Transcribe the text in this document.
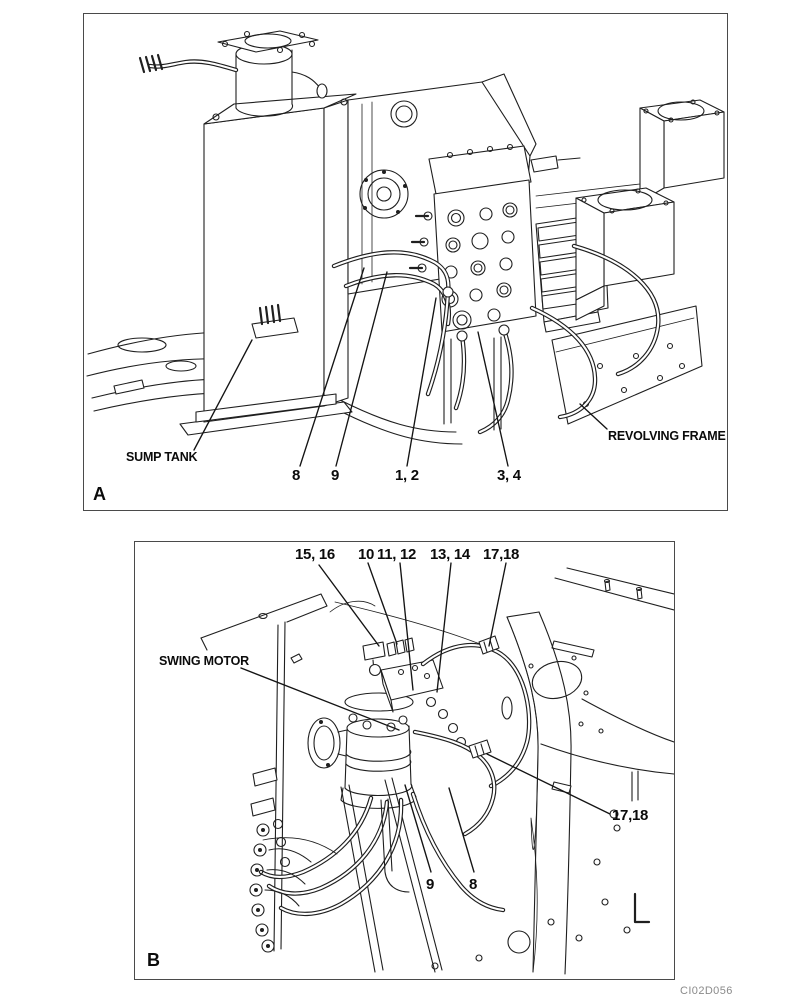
SUMP TANK
REVOLVING FRAME
8 9	1, 2	3, 4
A
15, 16 10 11, 12 13, 14 17,18
SWING MOTOR
17,18
9 8
B
CI02D056
